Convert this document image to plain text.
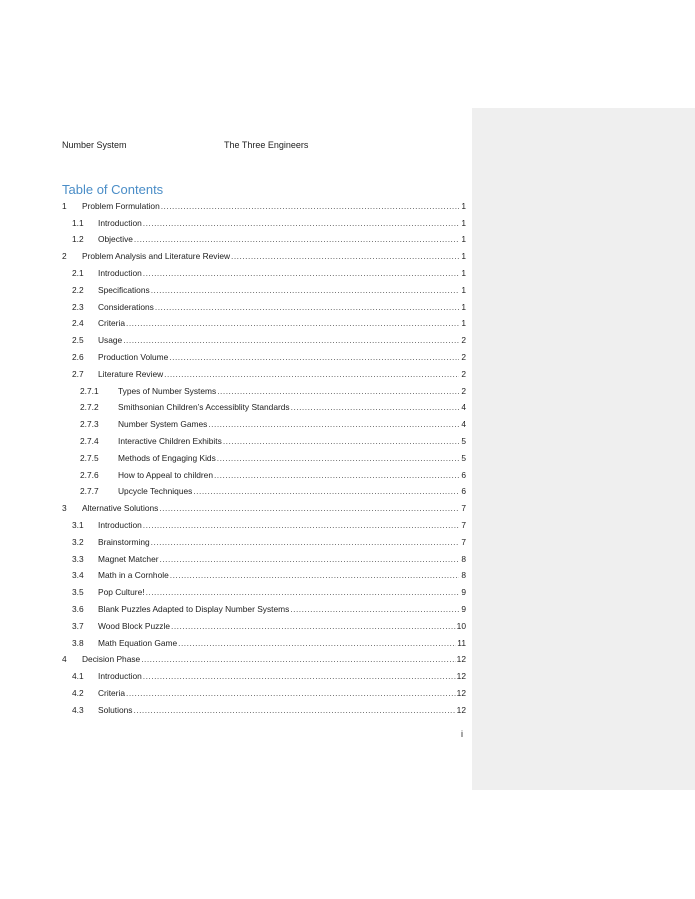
Number System	The Three Engineers
Table of Contents
1	Problem Formulation .....	1
1.1	Introduction .....	1
1.2	Objective .....	1
2	Problem Analysis and Literature Review .....	1
2.1	Introduction .....	1
2.2	Specifications .....	1
2.3	Considerations .....	1
2.4	Criteria .....	1
2.5	Usage .....	2
2.6	Production Volume .....	2
2.7	Literature Review .....	2
2.7.1	Types of Number Systems .....	2
2.7.2	Smithsonian Children’s Accessiblity Standards .....	4
2.7.3	Number System Games .....	4
2.7.4	Interactive Children Exhibits .....	5
2.7.5	Methods of Engaging Kids .....	5
2.7.6	How to Appeal to children .....	6
2.7.7	Upcycle Techniques .....	6
3	Alternative Solutions .....	7
3.1	Introduction .....	7
3.2	Brainstorming .....	7
3.3	Magnet Matcher .....	8
3.4	Math in a Cornhole .....	8
3.5	Pop Culture! .....	9
3.6	Blank Puzzles Adapted to Display Number Systems .....	9
3.7	Wood Block Puzzle .....	10
3.8	Math Equation Game .....	11
4	Decision Phase .....	12
4.1	Introduction .....	12
4.2	Criteria .....	12
4.3	Solutions .....	12
i
